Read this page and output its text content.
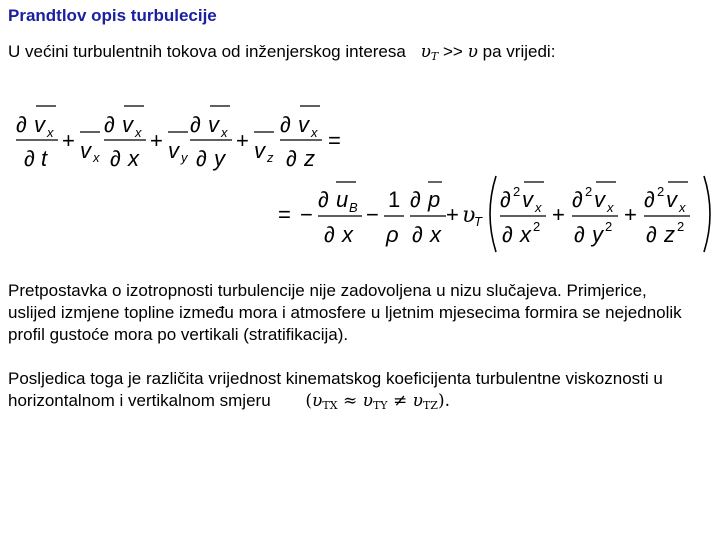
Prandtlov opis turbulecije
U većini turbulentnih tokova od inženjerskog interesa $\upsilon_T >> \upsilon$ pa vrijedi:
∂ v x
∂ t
+ v x
∂ v x
∂ x
+ v y
∂ v x
∂ y
+ v z
∂ v x
∂ z
=
= −
∂ u B
∂ x
−
1
ρ
∂ p
∂ x
+ υ
T
∂ 2 v x
∂ x 2 +
∂ 2 v x
∂ y 2 +
∂ 2 v x
∂ z 2
Pretpostavka o izotropnosti turbulencije nije zadovoljena u nizu slučajeva. Primjerice,
uslijed izmjene topline između mora i atmosfere u ljetnim mjesecima formira se nejednolik
profil gustoće mora po vertikali (stratifikacija).
Posljedica toga je različita vrijednost kinematskog koeficijenta turbulentne viskoznosti u
horizontalnom i vertikalnom smjeru $(\upsilon_{TX} \approx \upsilon_{TY} \ne \upsilon_{TZ})$.
